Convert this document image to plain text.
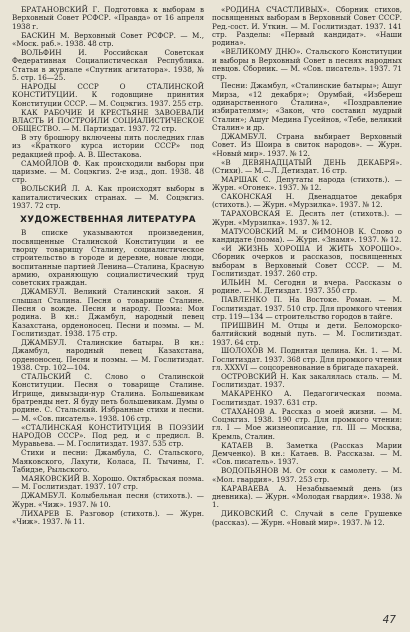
БРАТАНОВСКИЙ Г. Подготовка к выборам в Верховный Совет РСФСР. «Правда» от 16 апреля 1938 г.

БАСКИН М. Верховный Совет РСФСР. — М., «Моск. раб.». 1938. 48 стр.

ВОЛЬФИН И. Российская Советская Федеративная Социалистическая Республика. Статьи в журнале «Спутник агитатора». 1938, № 5. стр. 16—25.

НАРОДЫ СССР О СТАЛИНСКОЙ КОНСТИТУЦИИ. К годовщине принятия Конституции СССР. — М. Соцэкгиз. 1937. 255 стр.

КАК РАБОЧИЕ И КРЕСТЬЯНЕ ЗАВОЕВАЛИ ВЛАСТЬ И ПОСТРОИЛИ СОЦИАЛИСТИЧЕСКОЕ ОБЩЕСТВО. — М. Партиздат. 1937. 72 стр.

В эту брошюру включены пять последних глав из «Краткого курса истории СССР» под редакцией проф. А. В. Шестакова.

САМОЙЛОВ Ф. Как происходили выборы при царизме. — М. Соцэкгиз. 2-е изд., доп. 1938. 48 стр.

ВОЛЬСКИЙ Л. А. Как происходят выборы в капиталистических странах. — М. Соцэкгиз. 1937. 72 стр.

ХУДОЖЕСТВЕННАЯ ЛИТЕРАТУРА

В списке указываются произведения, посвященные Сталинской Конституции и ее творцу товарищу Сталину, социалистическое строительство в городе и деревне, новые люди, воспитанные партией Ленина—Сталина, Красную армию, охраняющую социалистический труд советских граждан.

ДЖАМБУЛ. Великий Сталинский закон. Я слышал Сталина. Песня о товарище Сталине. Песня о вожде. Песня и народу. Поэма: Моя родина. В кн.: Джамбул, народный певец Казахстана, орденоносец. Песни и поэмы. — М. Гослитиздат. 1938. 175 стр.

ДЖАМБУЛ. Сталинские батыры. В кн.: Джамбул, народный певец Казахстана, орденоносец. Песни и поэмы. — М. Гослитиздат. 1938. Стр. 102—104.

СТАЛЬСКИЙ С. Слово о Сталинской Конституции. Песня о товарище Сталине. Игрище, дивызыди-нур Сталина. Большевикам братренды нет. Я буду петь большевикам. Думы о родине. С. Стальский. Избранные стихи и песни. — М. «Сов. писатель». 1938. 106 стр.

«СТАЛИНСКАЯ КОНСТИТУЦИЯ В ПОЭЗИИ НАРОДОВ СССР». Под ред. и с предисл. В. Муравьева. — М. Гослитиздат. 1937. 535 стр.

Стихи и песни: Джамбула, С. Стальского, Маяковского, Лахути, Коласа, П. Тычины, Г. Табидзе, Рыльского.

МАЯКОВСКИЙ В. Хорошо. Октябрьская поэма. — М. Гослитиздат. 1937. 107 стр.

ДЖАМБУЛ. Колыбельная песня (стихотв.). — Журн. «Чиж». 1937. № 10.

ЛИХАРЕВ Б. Разговор (стихотв.). — Журн. «Чиж». 1937. № 11.

«РОДИНА СЧАСТЛИВЫХ». Сборник стихов, посвященных выборам в Верховный Совет СССР. Ред.-сост. И. Уткин. — М. Гослитиздат. 1937. 141 стр. Разделы: «Первый кандидат». «Наши родина».

«ВЕЛИКОМУ ДНЮ». Стальского Конституции и выборы в Верховный Совет в песнях народных певцов. Сборник. — М. «Сов. писатель». 1937. 71 стр.

Песни: Джамбул, «Сталинские батыры»; Ашуг Мирза, «12 декабря»; Орумбай, «Избереш одинарственного Сталина», «Поздравление избирателям»; «Закон, что составил мудрый Сталин»; Ашуг Медина Гусейнов, «Тебе, великий Сталин» и др.

ДЖАМБУЛ. Страна выбирает Верховный Совет. Из Шоира в свиток народов». — Журн. «Новый мир». 1937. № 12.

«В ДЕВЯНАДЦАТЫЙ ДЕНЬ ДЕКАБРЯ». (Стихи). — М.—Л. Детиздат. 16 стр.

МАРШАК С. Депутаты народа (стихотв.). — Журн. «Огонек». 1937. № 12.

САКОНСКАЯ Н. Двенадцатое декабря (стихотв.). — Журн. «Мурзилка». 1937. № 12.

ТАРАХОВСКАЯ Е. Десять лет (стихотв.). — Журн. «Мурзилка». 1937. № 12.

МАТУСОВСКИЙ М. и СИМОНОВ К. Слово о кандидате (поэма). — Журн. «Знамя». 1937. № 12.

«И ЖИЗНЬ ХОРОША И ЖИТЬ ХОРОШО». Сборник очерков и рассказов, посвященных выборам в Верховный Совет СССР. — М. Гослитиздат. 1937. 260 стр.

ИЛЬИН М. Сегодня и вчера. Рассказы о родине. — М. Детиздат. 1937. 350 стр.

ПАВЛЕНКО П. На Востоке. Роман. — М. Гослитиздат. 1937. 510 стр. Для промкого чтения стр. 119—134 — строительство городов в тайге.

ПРИШВИН М. Отцы и дети. Беломорско-балтийский водный путь. — М. Гослитиздат. 1937. 64 стр.

ШОЛОХОВ М. Поднятая целина. Кн. 1. — М. Гослитиздат. 1937. 368 стр. Для промкого чтения гл. XXXVI — соцсоревнование в бригаде пахарей.

ОСТРОВСКИЙ Н. Как закалялась сталь. — М. Гослитиздат. 1937.

МАКАРЕНКО А. Педагогическая поэма. Гослитиздат. 1937. 631 стр.

СТАХАНОВ А. Рассказ о моей жизни. — М. Соцэкгиз. 1938. 190 стр. Для промкого чтения: гл. I — Мое жизнеописание, гл. III — Москва, Кремль, Сталин.

КАТАЕВ В. Заметка (Рассказ Марии Демченко). В кн.: Катаев. В. Рассказы. — М. «Сов. писатель». 1937.

ВОДОПЬЯНОВ М. От сохи к самолету. — М. «Мол. гвардия». 1937. 253 стр.

КАРАВАЕВА А. Незабываемый день (из дневника). — Журн. «Молодая гвардия». 1938. № 1.

ДИКОВСКИЙ С. Случай в селе Грушевке (рассказ). — Журн. «Новый мир». 1937. № 12.

47
